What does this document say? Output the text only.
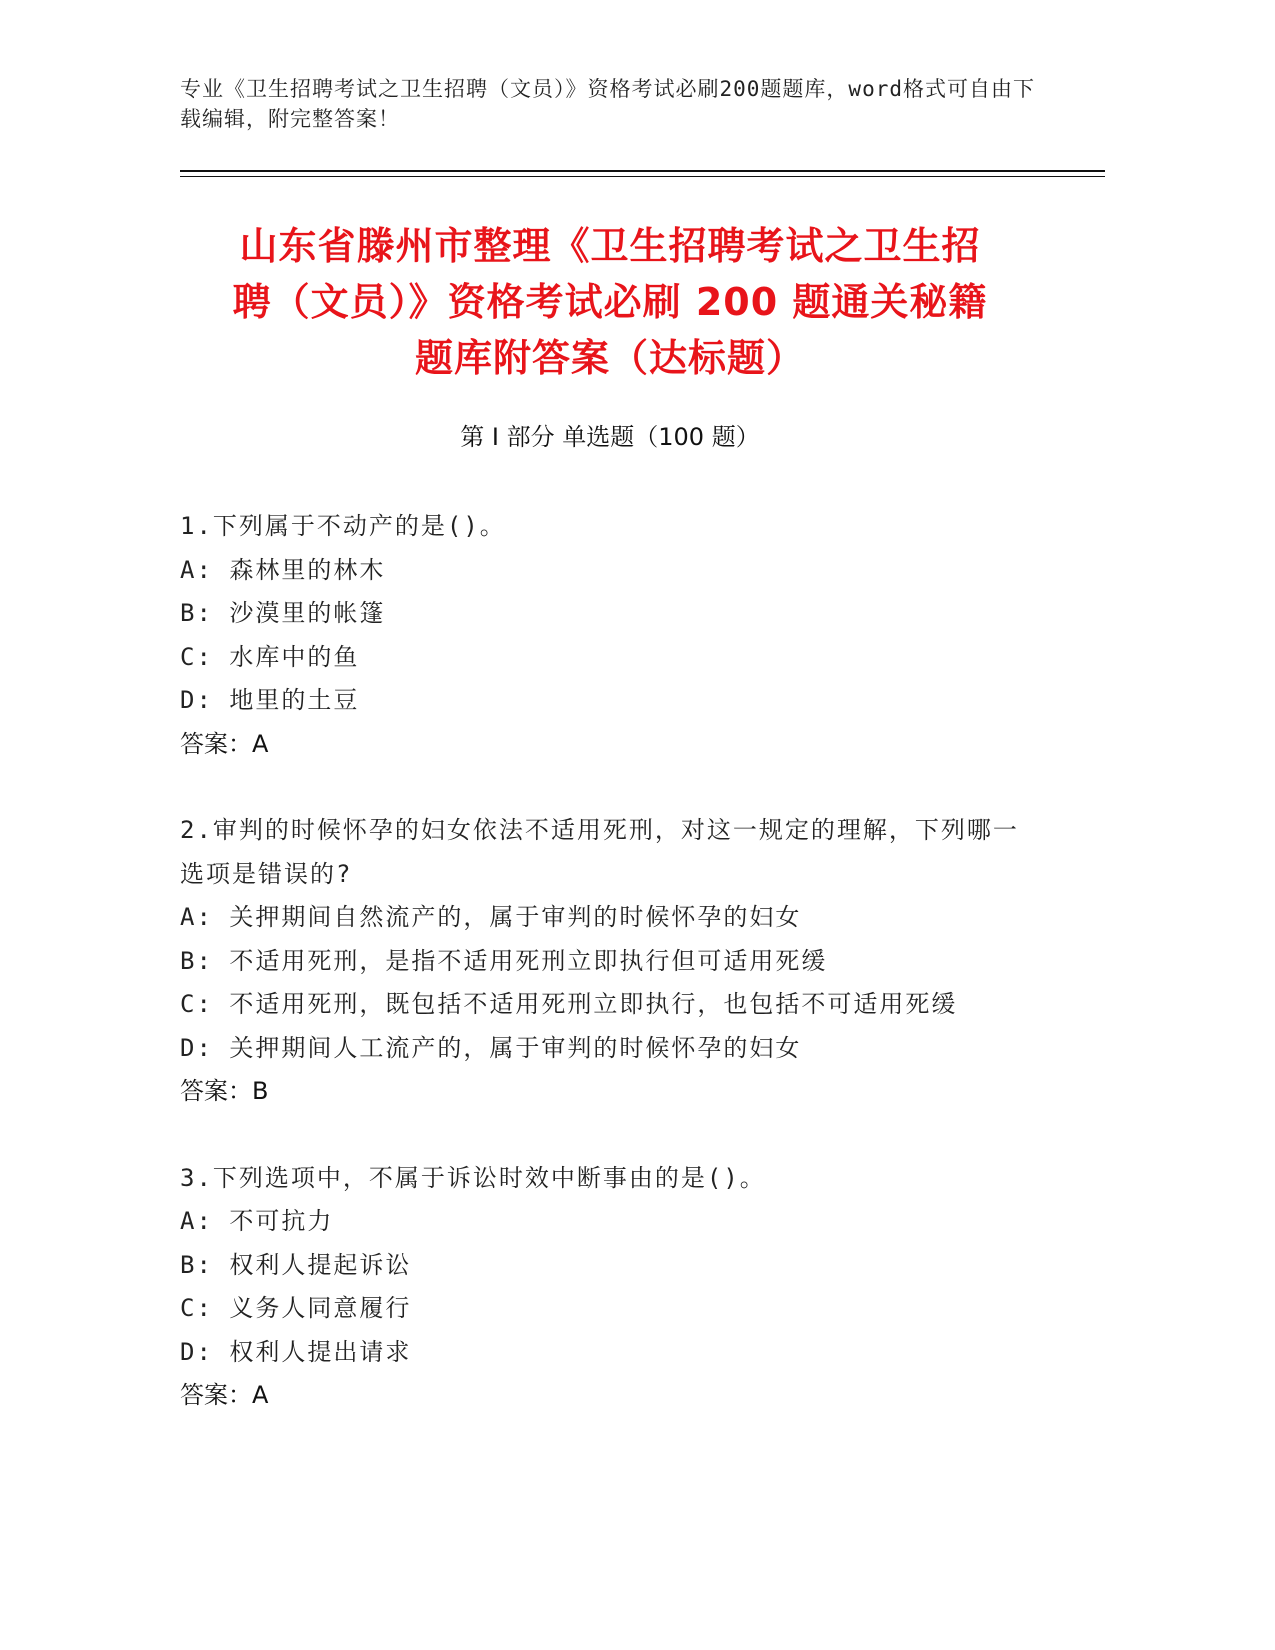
专业《卫生招聘考试之卫生招聘（文员）》资格考试必刷200题题库，word格式可自由下载编辑，附完整答案！
山东省滕州市整理《卫生招聘考试之卫生招
聘（文员）》资格考试必刷 200 题通关秘籍
题库附答案（达标题）
第 I 部分 单选题（100 题）
1.下列属于不动产的是()。
A: 森林里的林木
B: 沙漠里的帐篷
C: 水库中的鱼
D: 地里的土豆
答案：A
2.审判的时候怀孕的妇女依法不适用死刑，对这一规定的理解，下列哪一选项是错误的?
A: 关押期间自然流产的，属于审判的时候怀孕的妇女
B: 不适用死刑，是指不适用死刑立即执行但可适用死缓
C: 不适用死刑，既包括不适用死刑立即执行，也包括不可适用死缓
D: 关押期间人工流产的，属于审判的时候怀孕的妇女
答案：B
3.下列选项中，不属于诉讼时效中断事由的是()。
A: 不可抗力
B: 权利人提起诉讼
C: 义务人同意履行
D: 权利人提出请求
答案：A
